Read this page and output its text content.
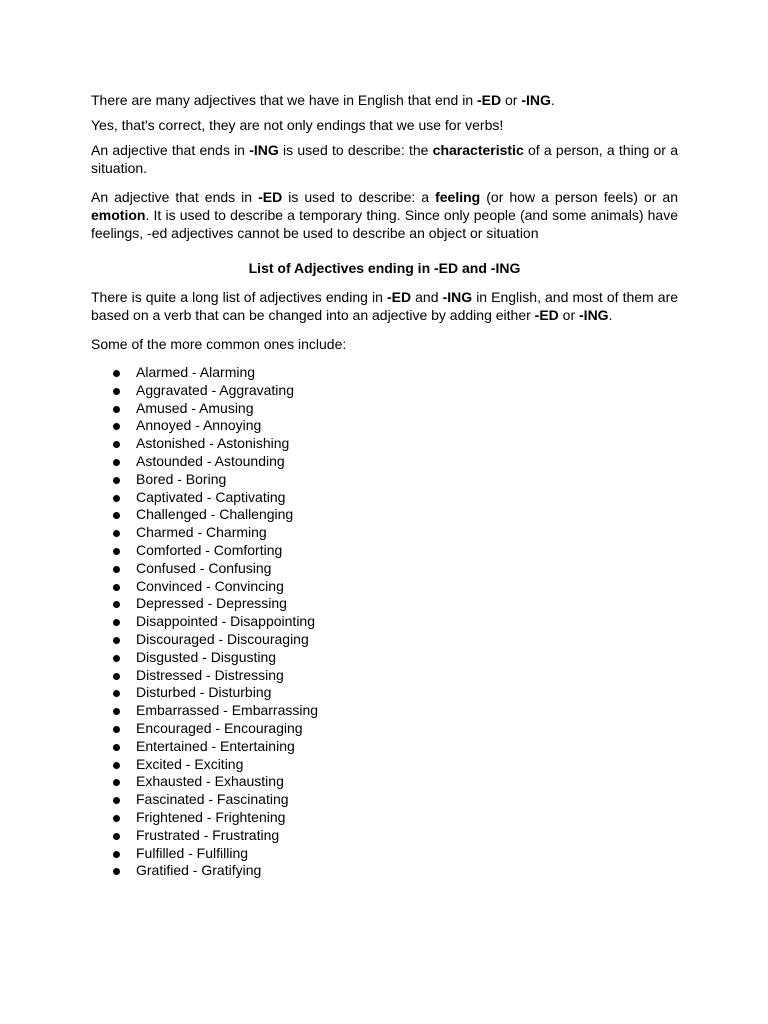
There are many adjectives that we have in English that end in -ED or -ING.

Yes, that's correct, they are not only endings that we use for verbs!

An adjective that ends in -ING is used to describe: the characteristic of a person, a thing or a situation.

An adjective that ends in -ED is used to describe: a feeling (or how a person feels) or an emotion. It is used to describe a temporary thing. Since only people (and some animals) have feelings, -ed adjectives cannot be used to describe an object or situation

List of Adjectives ending in -ED and -ING

There is quite a long list of adjectives ending in -ED and -ING in English, and most of them are based on a verb that can be changed into an adjective by adding either -ED or -ING.

Some of the more common ones include:

Alarmed - Alarming
Aggravated - Aggravating
Amused - Amusing
Annoyed - Annoying
Astonished - Astonishing
Astounded - Astounding
Bored - Boring
Captivated - Captivating
Challenged - Challenging
Charmed - Charming
Comforted - Comforting
Confused - Confusing
Convinced - Convincing
Depressed - Depressing
Disappointed - Disappointing
Discouraged - Discouraging
Disgusted - Disgusting
Distressed - Distressing
Disturbed - Disturbing
Embarrassed - Embarrassing
Encouraged - Encouraging
Entertained - Entertaining
Excited - Exciting
Exhausted - Exhausting
Fascinated - Fascinating
Frightened - Frightening
Frustrated - Frustrating
Fulfilled - Fulfilling
Gratified - Gratifying
